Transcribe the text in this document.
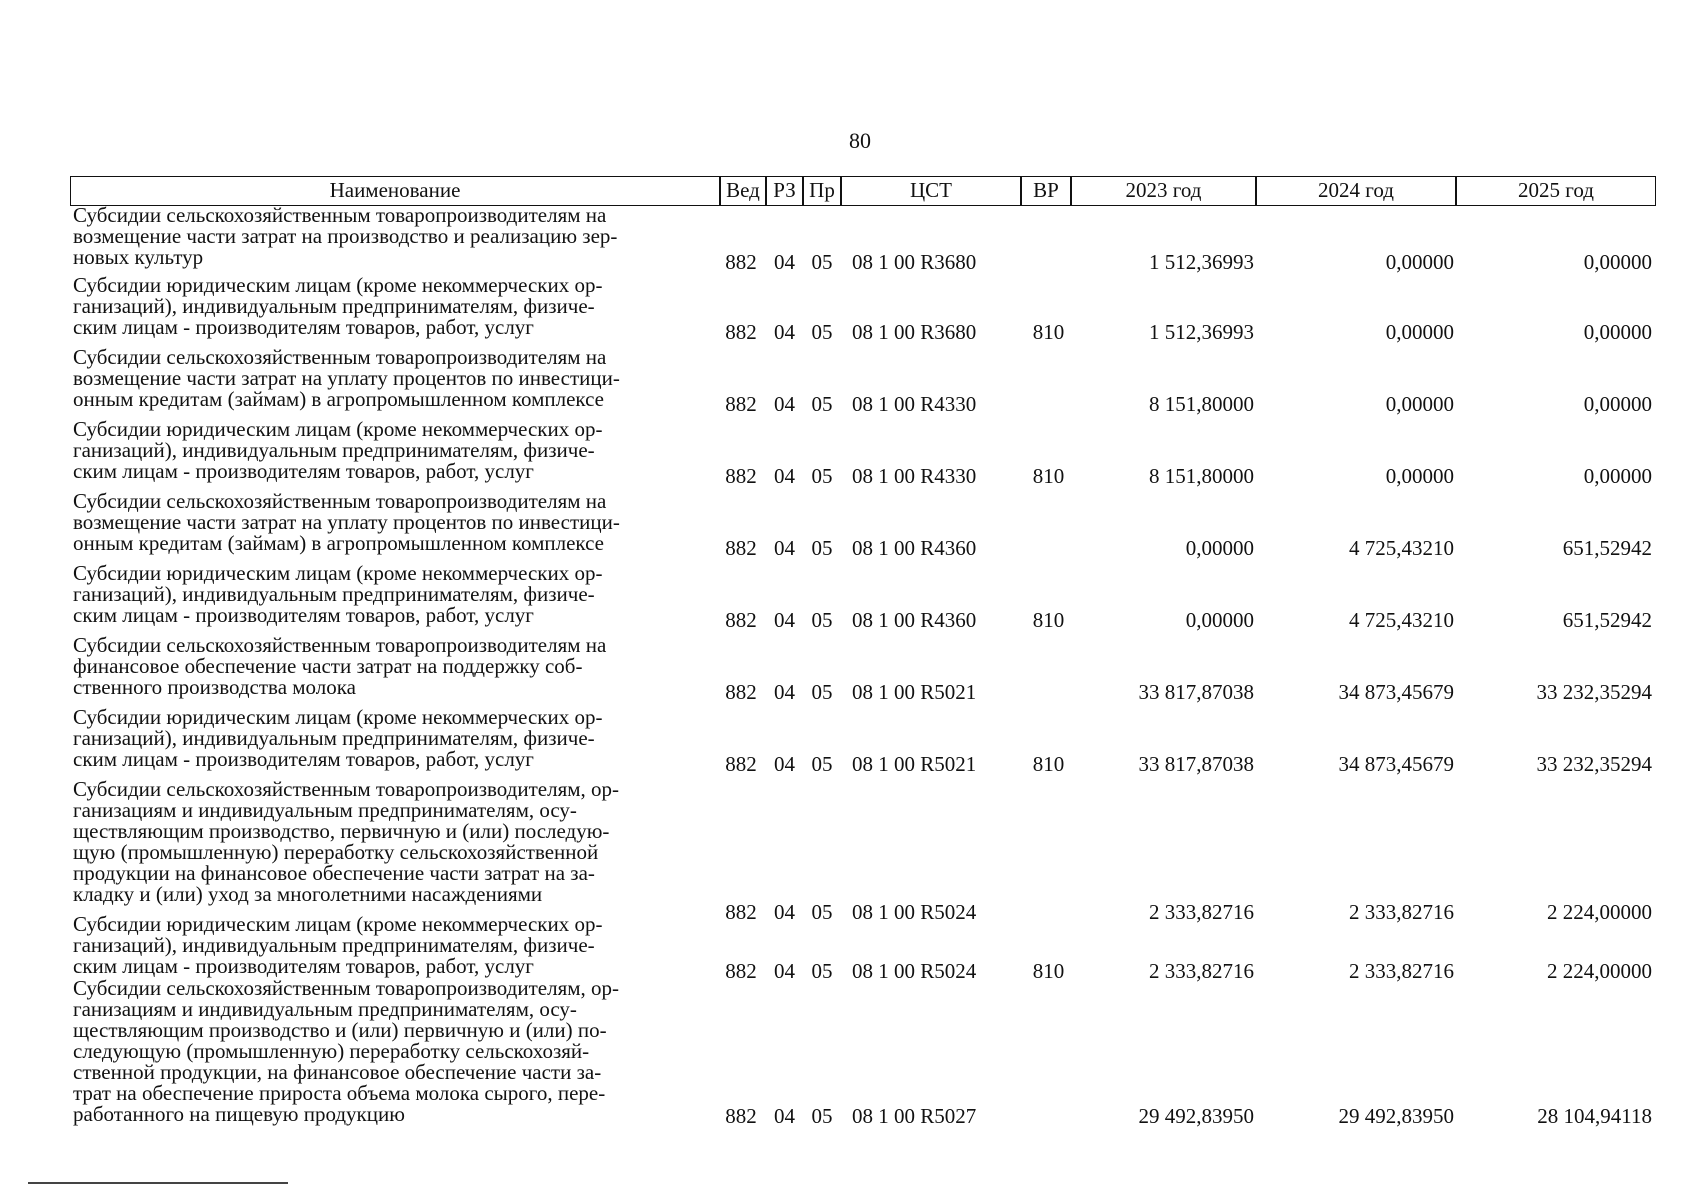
80
Наименование	Вед РЗ Пр	ЦСТ	ВР	2023 год	2024 год	2025 год
Субсидии сельскохозяйственным товаропроизводителям на
возмещение части затрат на производство и реализацию зер-
новых культур	882 04 05 08 1 00 R3680	1 512,36993	0,00000	0,00000
Субсидии юридическим лицам (кроме некоммерческих ор-
ганизаций), индивидуальным предпринимателям, физиче-
ским лицам - производителям товаров, работ, услуг	882 04 05 08 1 00 R3680	810	1 512,36993	0,00000	0,00000
Субсидии сельскохозяйственным товаропроизводителям на
возмещение части затрат на уплату процентов по инвестици-
онным кредитам (займам) в агропромышленном комплексе	882 04 05 08 1 00 R4330	8 151,80000	0,00000	0,00000
Субсидии юридическим лицам (кроме некоммерческих ор-
ганизаций), индивидуальным предпринимателям, физиче-
ским лицам - производителям товаров, работ, услуг	882 04 05 08 1 00 R4330	810	8 151,80000	0,00000	0,00000
Субсидии сельскохозяйственным товаропроизводителям на
возмещение части затрат на уплату процентов по инвестици-
онным кредитам (займам) в агропромышленном комплексе	882 04 05 08 1 00 R4360	0,00000	4 725,43210	651,52942
Субсидии юридическим лицам (кроме некоммерческих ор-
ганизаций), индивидуальным предпринимателям, физиче-
ским лицам - производителям товаров, работ, услуг	882 04 05 08 1 00 R4360	810	0,00000	4 725,43210	651,52942
Субсидии сельскохозяйственным товаропроизводителям на
финансовое обеспечение части затрат на поддержку соб-
ственного производства молока	882 04 05 08 1 00 R5021	33 817,87038	34 873,45679	33 232,35294
Субсидии юридическим лицам (кроме некоммерческих ор-
ганизаций), индивидуальным предпринимателям, физиче-
ским лицам - производителям товаров, работ, услуг	882 04 05 08 1 00 R5021	810	33 817,87038	34 873,45679	33 232,35294
Субсидии сельскохозяйственным товаропроизводителям, ор-
ганизациям и индивидуальным предпринимателям, осу-
ществляющим производство, первичную и (или) последую-
щую (промышленную) переработку сельскохозяйственной
продукции на финансовое обеспечение части затрат на за-
кладку и (или) уход за многолетними насаждениями
882 04 05 08 1 00 R5024	2 333,82716	2 333,82716	2 224,00000
Субсидии юридическим лицам (кроме некоммерческих ор-
ганизаций), индивидуальным предпринимателям, физиче-
ским лицам - производителям товаров, работ, услуг	882 04 05 08 1 00 R5024	810	2 333,82716	2 333,82716	2 224,00000
Субсидии сельскохозяйственным товаропроизводителям, ор-
ганизациям и индивидуальным предпринимателям, осу-
ществляющим производство и (или) первичную и (или) по-
следующую (промышленную) переработку сельскохозяй-
ственной продукции, на финансовое обеспечение части за-
трат на обеспечение прироста объема молока сырого, пере-
работанного на пищевую продукцию	882 04 05 08 1 00 R5027	29 492,83950	29 492,83950	28 104,94118
